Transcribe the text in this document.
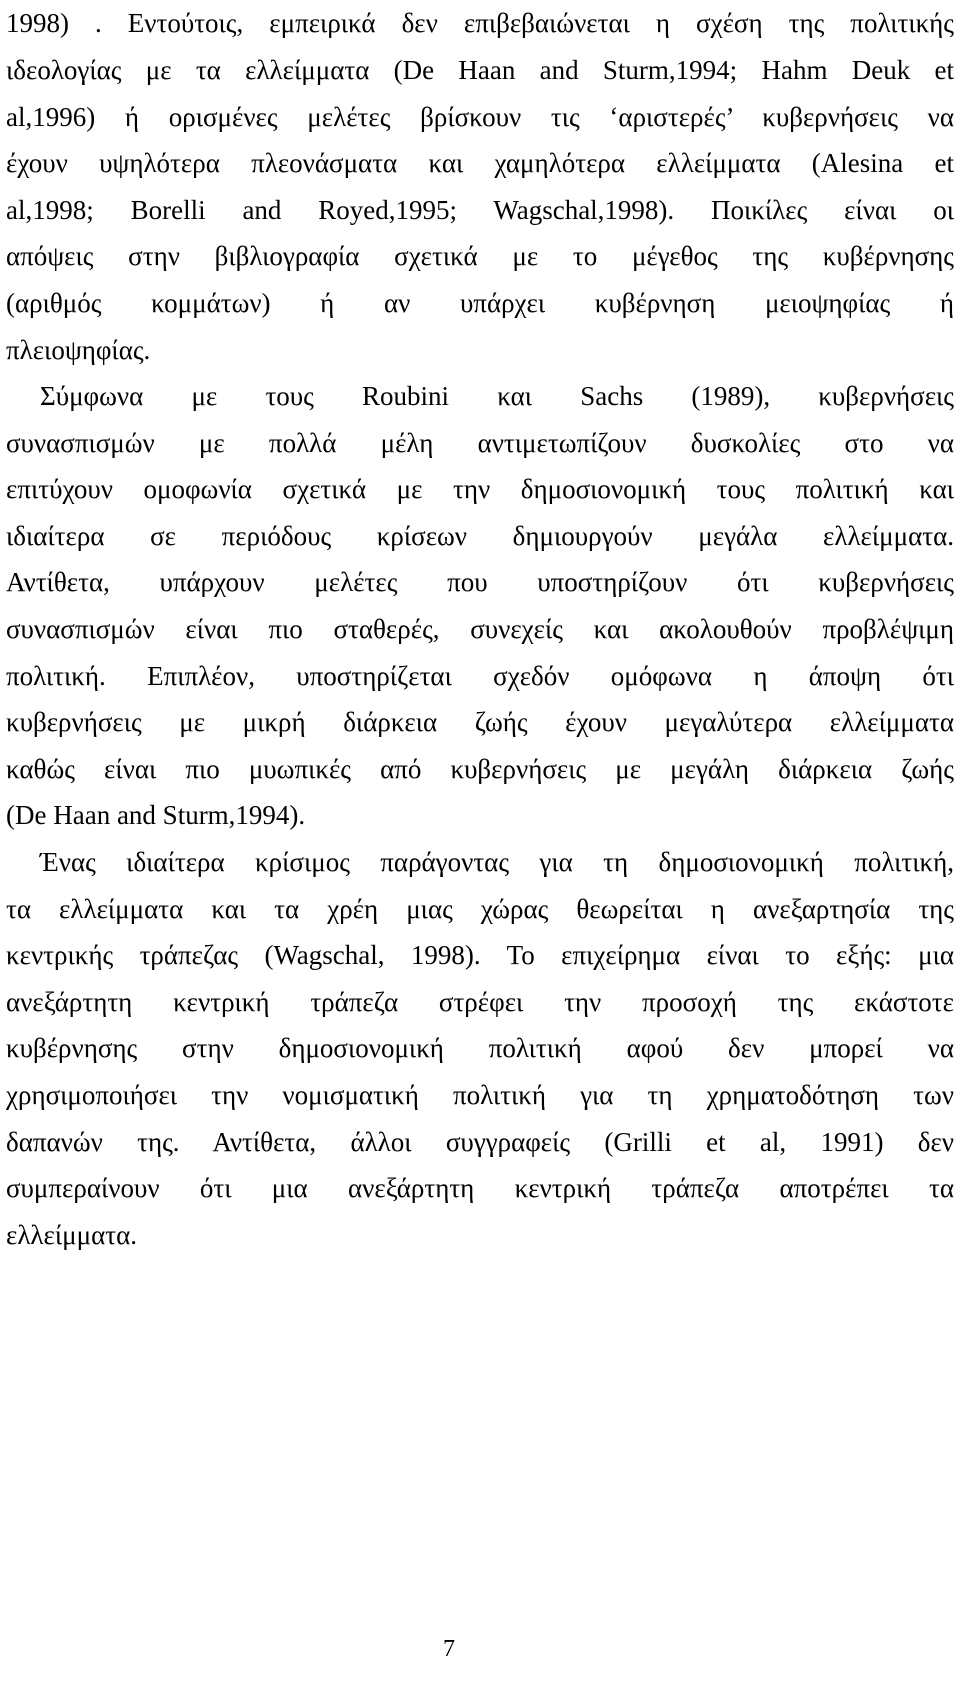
1998) . Εντούτοις, εμπειρικά δεν επιβεβαιώνεται η σχέση της πολιτικής

ιδεολογίας με τα ελλείμματα (De Haan and Sturm,1994; Hahm Deuk et

al,1996) ή ορισμένες μελέτες βρίσκουν τις ‘αριστερές’ κυβερνήσεις να

έχουν υψηλότερα πλεονάσματα και χαμηλότερα ελλείμματα (Alesina et

al,1998; Borelli and Royed,1995; Wagschal,1998). Ποικίλες είναι οι

απόψεις στην βιβλιογραφία σχετικά με το μέγεθος της κυβέρνησης

(αριθμός κομμάτων) ή αν υπάρχει κυβέρνηση μειοψηφίας ή

πλειοψηφίας.

Σύμφωνα με τους Roubini και Sachs (1989), κυβερνήσεις

συνασπισμών με πολλά μέλη αντιμετωπίζουν δυσκολίες στο να

επιτύχουν ομοφωνία σχετικά με την δημοσιονομική τους πολιτική και

ιδιαίτερα σε περιόδους κρίσεων δημιουργούν μεγάλα ελλείμματα.

Αντίθετα, υπάρχουν μελέτες που υποστηρίζουν ότι κυβερνήσεις

συνασπισμών είναι πιο σταθερές, συνεχείς και ακολουθούν προβλέψιμη

πολιτική. Επιπλέον, υποστηρίζεται σχεδόν ομόφωνα η άποψη ότι

κυβερνήσεις με μικρή διάρκεια ζωής έχουν μεγαλύτερα ελλείμματα

καθώς είναι πιο μυωπικές από κυβερνήσεις με μεγάλη διάρκεια ζωής

(De Haan and Sturm,1994).

Ένας ιδιαίτερα κρίσιμος παράγοντας για τη δημοσιονομική πολιτική,

τα ελλείμματα και τα χρέη μιας χώρας θεωρείται η ανεξαρτησία της

κεντρικής τράπεζας (Wagschal, 1998). Το επιχείρημα είναι το εξής: μια

ανεξάρτητη κεντρική τράπεζα στρέφει την προσοχή της εκάστοτε

κυβέρνησης στην δημοσιονομική πολιτική αφού δεν μπορεί να

χρησιμοποιήσει την νομισματική πολιτική για τη χρηματοδότηση των

δαπανών της. Αντίθετα, άλλοι συγγραφείς (Grilli et al, 1991) δεν

συμπεραίνουν ότι μια ανεξάρτητη κεντρική τράπεζα αποτρέπει τα

ελλείμματα.

7
